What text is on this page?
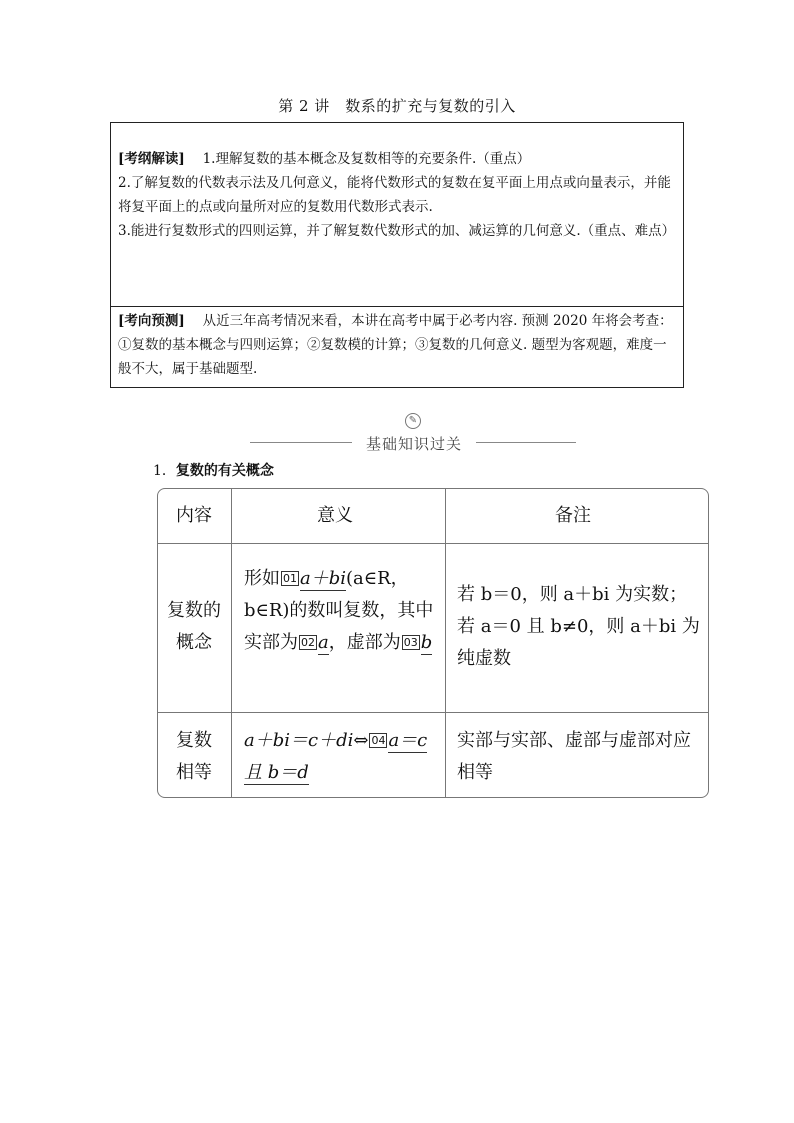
第 2 讲　数系的扩充与复数的引入
[考纲解读]　 1.理解复数的基本概念及复数相等的充要条件.（重点）
2.了解复数的代数表示法及几何意义，能将代数形式的复数在复平面上用点或向量表示，并能将复平面上的点或向量所对应的复数用代数形式表示.
3.能进行复数形式的四则运算，并了解复数代数形式的加、减运算的几何意义.（重点、难点）
[考向预测]　 从近三年高考情况来看，本讲在高考中属于必考内容. 预测 2020 年将会考查：①复数的基本概念与四则运算；②复数模的计算；③复数的几何意义. 题型为客观题，难度一般不大，属于基础题型.
✎
基础知识过关
1．复数的有关概念
内容	意义	备注
复数的
概念
形如 01 a＋bi(a∈R，b∈R)的数叫复数，其中实部为 02 a，虚部为 03 b
若 b＝0，则 a＋bi 为实数；若 a＝0 且 b≠0，则 a＋bi 为纯虚数
复数
相等
a＋bi＝c＋di⇔ 04 a＝c 且 b＝d
实部与实部、虚部与虚部对应相等
